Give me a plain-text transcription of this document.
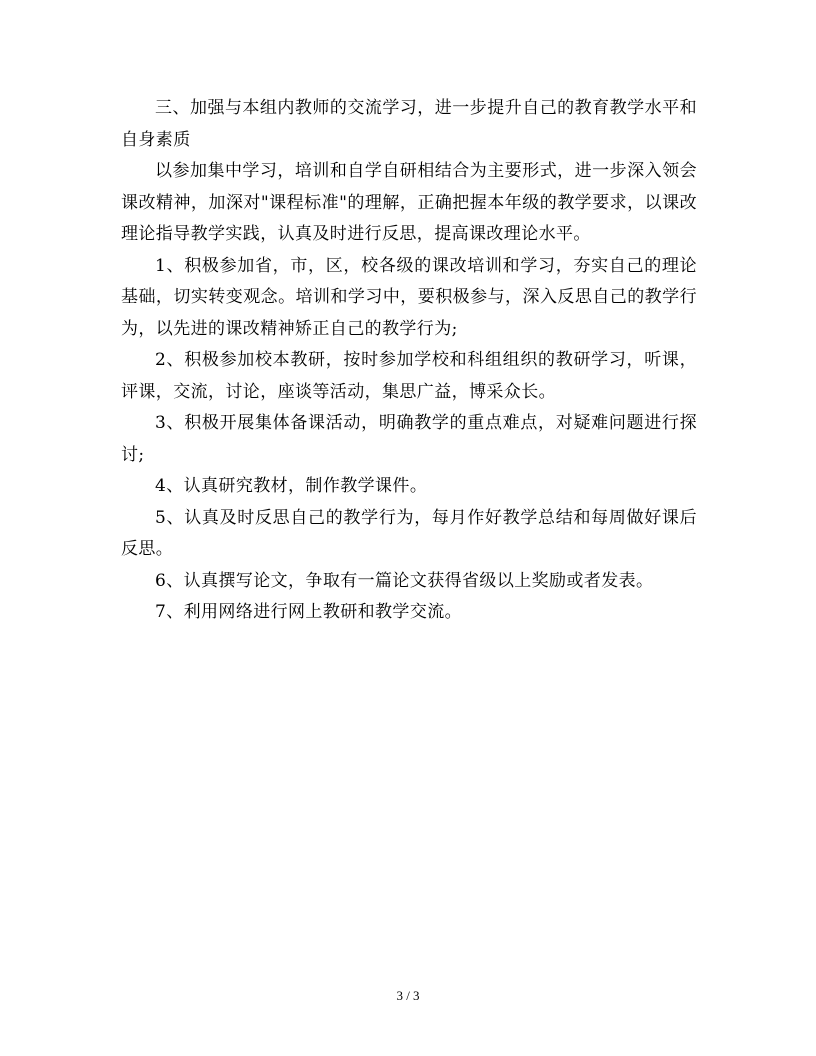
三、加强与本组内教师的交流学习，进一步提升自己的教育教学水平和自身素质

以参加集中学习，培训和自学自研相结合为主要形式，进一步深入领会课改精神，加深对"课程标准"的理解，正确把握本年级的教学要求，以课改理论指导教学实践，认真及时进行反思，提高课改理论水平。

1、积极参加省，市，区，校各级的课改培训和学习，夯实自己的理论基础，切实转变观念。培训和学习中，要积极参与，深入反思自己的教学行为，以先进的课改精神矫正自己的教学行为;

2、积极参加校本教研，按时参加学校和科组组织的教研学习，听课，评课，交流，讨论，座谈等活动，集思广益，博采众长。

3、积极开展集体备课活动，明确教学的重点难点，对疑难问题进行探讨;

4、认真研究教材，制作教学课件。

5、认真及时反思自己的教学行为，每月作好教学总结和每周做好课后反思。

6、认真撰写论文，争取有一篇论文获得省级以上奖励或者发表。

7、利用网络进行网上教研和教学交流。

3 / 3
